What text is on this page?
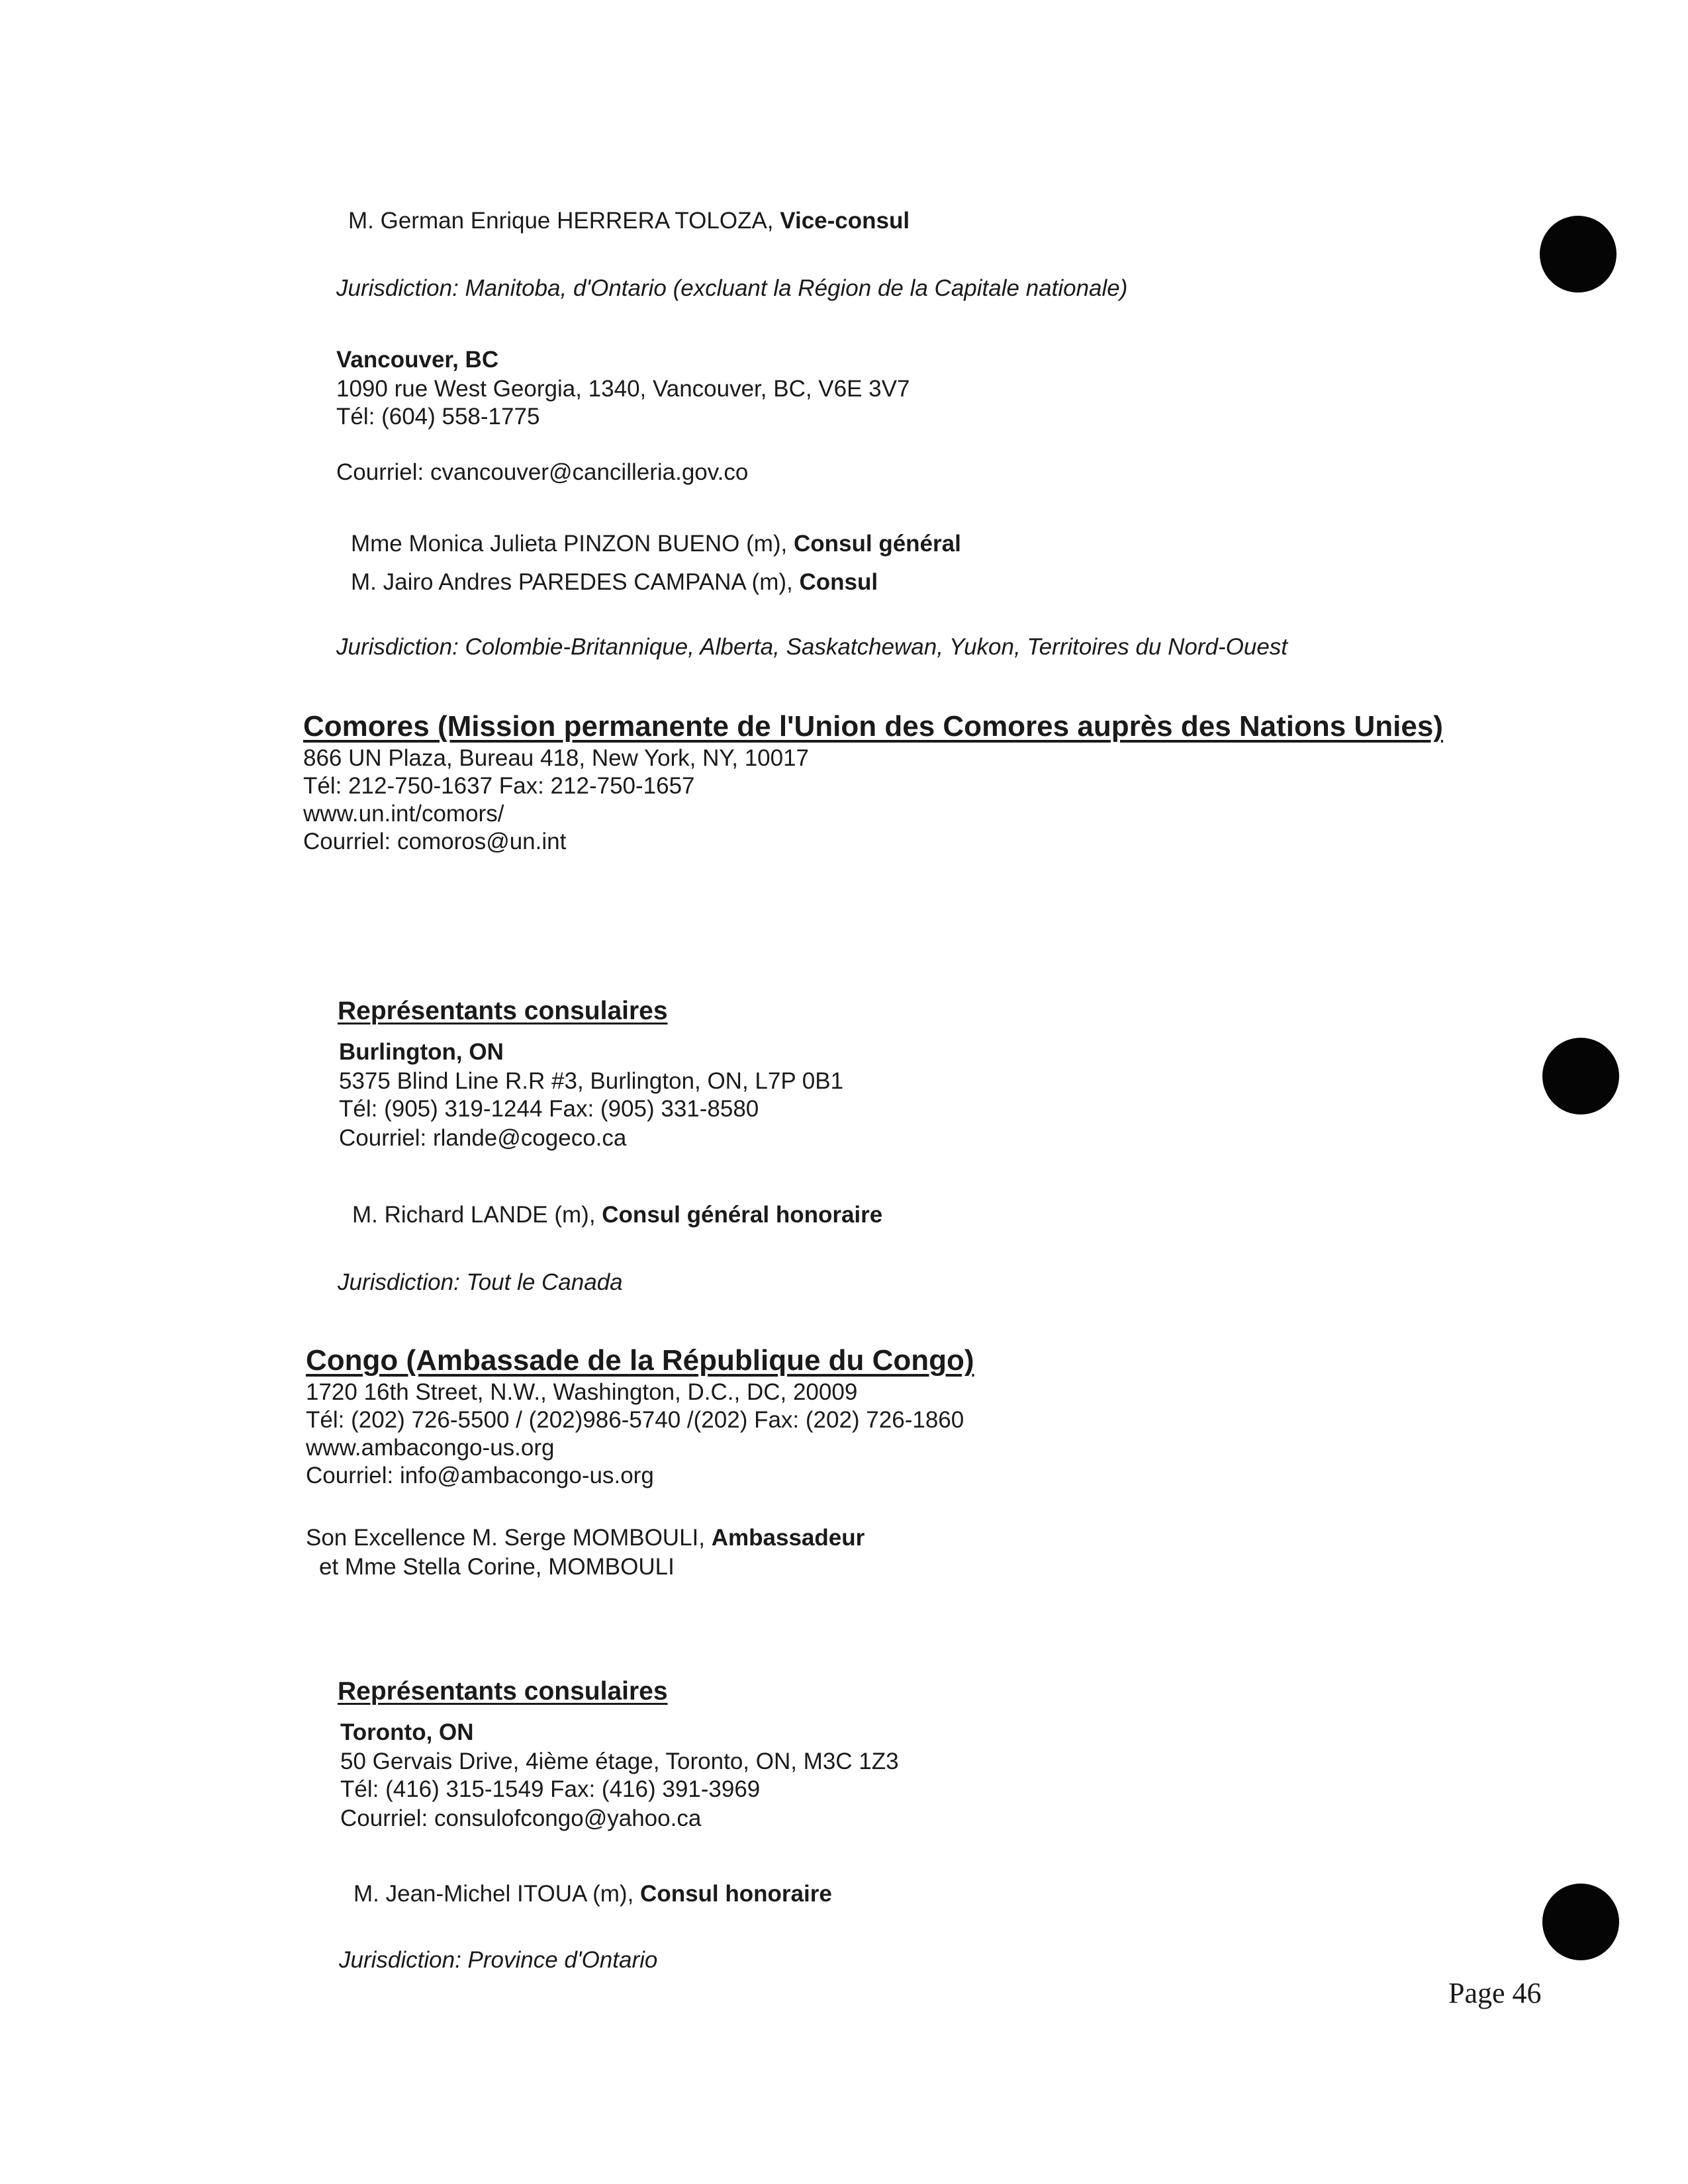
M. German Enrique HERRERA TOLOZA, Vice-consul
Jurisdiction: Manitoba, d'Ontario (excluant la Région de la Capitale nationale)
Vancouver, BC
1090 rue West Georgia, 1340, Vancouver, BC, V6E 3V7
Tél: (604) 558-1775
Courriel: cvancouver@cancilleria.gov.co
Mme Monica Julieta PINZON BUENO (m), Consul général
M. Jairo Andres PAREDES CAMPANA (m), Consul
Jurisdiction: Colombie-Britannique, Alberta, Saskatchewan, Yukon, Territoires du Nord-Ouest
Comores (Mission permanente de l'Union des Comores auprès des Nations Unies)
866 UN Plaza, Bureau 418, New York, NY, 10017
Tél: 212-750-1637 Fax: 212-750-1657
www.un.int/comors/
Courriel: comoros@un.int
Représentants consulaires
Burlington, ON
5375 Blind Line R.R #3, Burlington, ON, L7P 0B1
Tél: (905) 319-1244 Fax: (905) 331-8580
Courriel: rlande@cogeco.ca
M. Richard LANDE (m), Consul général honoraire
Jurisdiction: Tout le Canada
Congo (Ambassade de la République du Congo)
1720 16th Street, N.W., Washington, D.C., DC, 20009
Tél: (202) 726-5500 / (202)986-5740 /(202) Fax: (202) 726-1860
www.ambacongo-us.org
Courriel: info@ambacongo-us.org
Son Excellence M. Serge MOMBOULI, Ambassadeur
et Mme Stella Corine, MOMBOULI
Représentants consulaires
Toronto, ON
50 Gervais Drive, 4ième étage, Toronto, ON, M3C 1Z3
Tél: (416) 315-1549 Fax: (416) 391-3969
Courriel: consulofcongo@yahoo.ca
M. Jean-Michel ITOUA (m), Consul honoraire
Jurisdiction: Province d'Ontario
Page 46
